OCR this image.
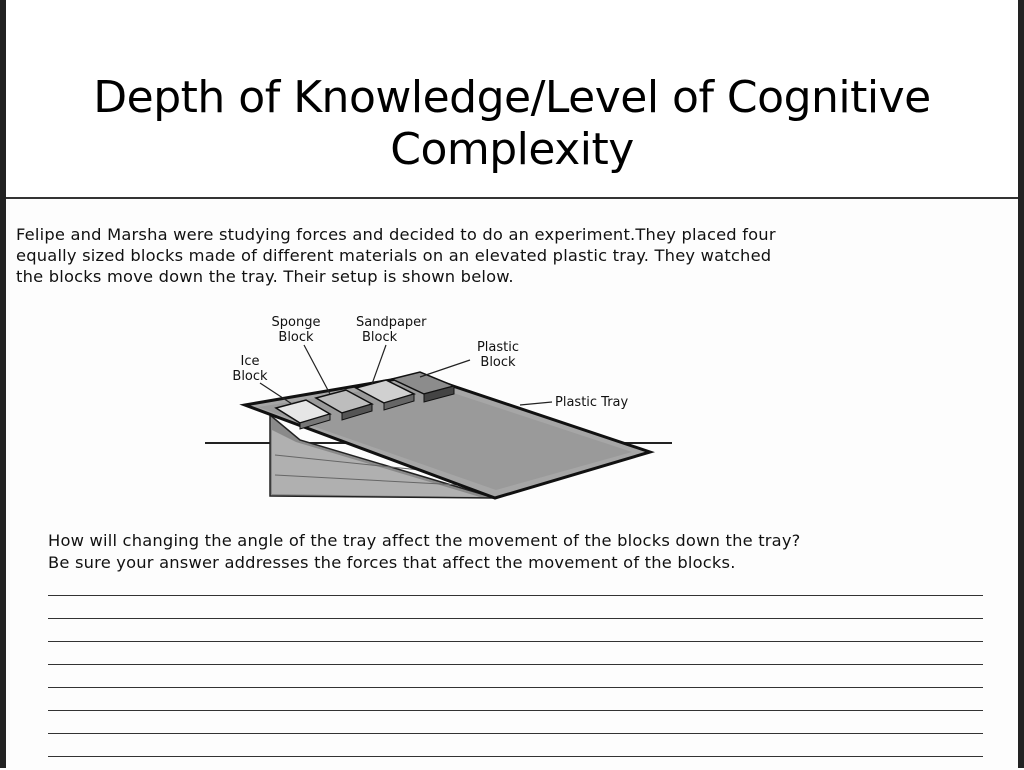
Depth of Knowledge/Level of Cognitive
Complexity
Felipe and Marsha were studying forces and decided to do an experiment.They placed four
equally sized blocks made of different materials on an elevated plastic tray. They watched
the blocks move down the tray. Their setup is shown below.
Sponge
Block
Sandpaper
Block
Plastic
Block
Ice
Block
Plastic Tray
How will changing the angle of the tray affect the movement of the blocks down the tray?
Be sure your answer addresses the forces that affect the movement of the blocks.
